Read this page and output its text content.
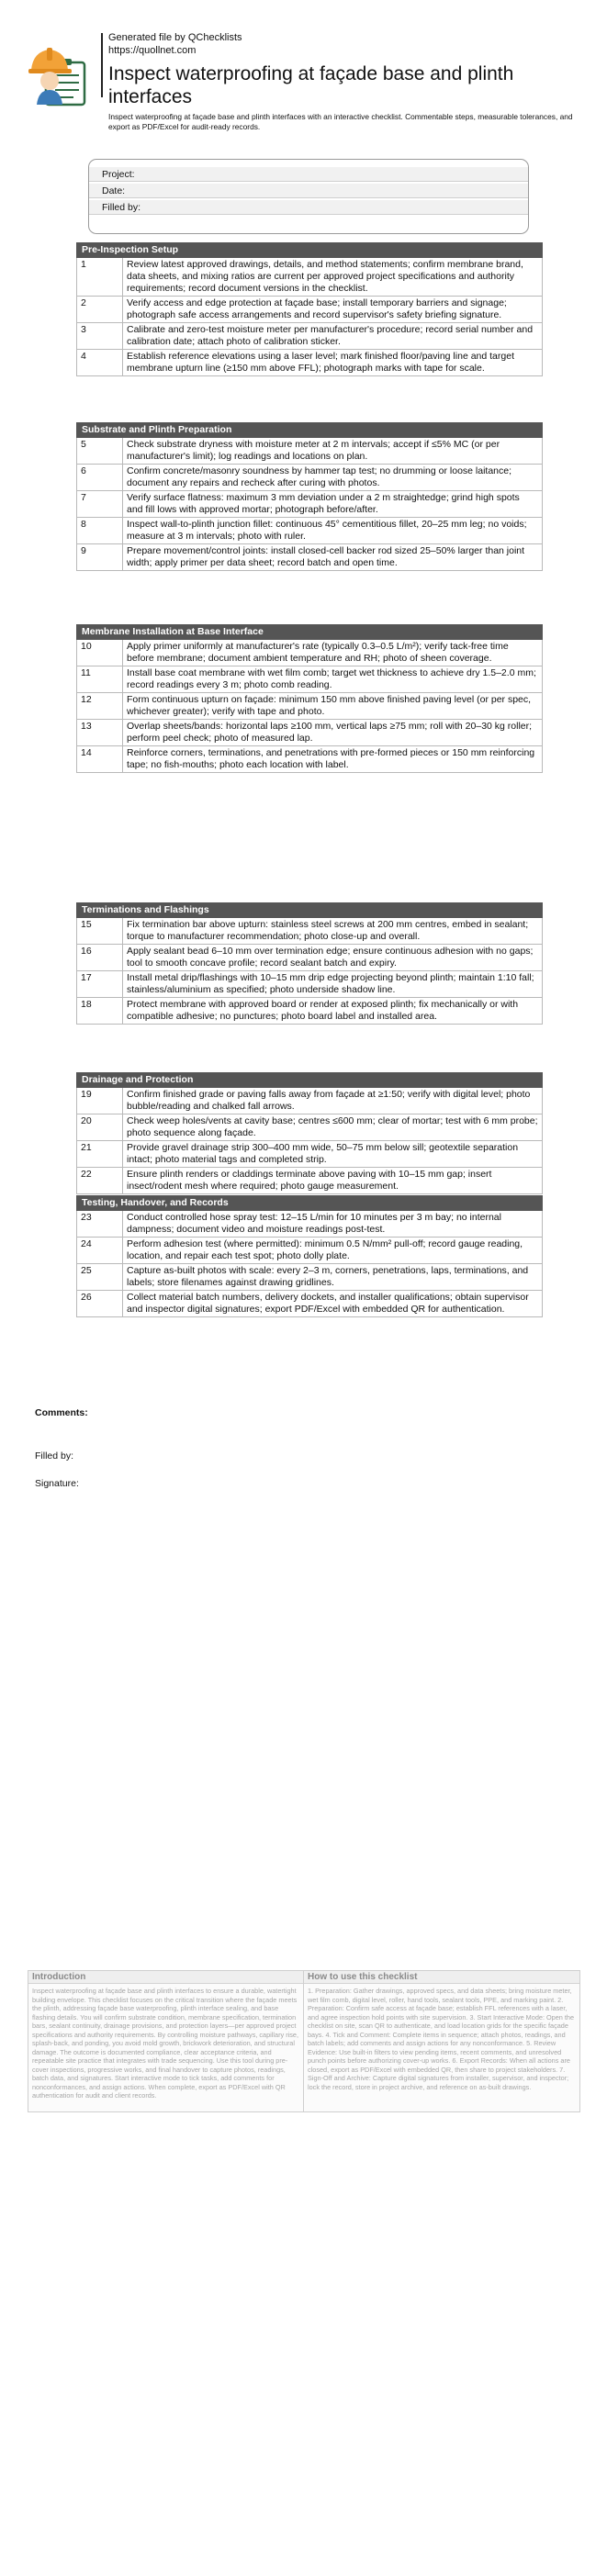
Generated file by QChecklists
https://quollnet.com
Inspect waterproofing at façade base and plinth interfaces
Inspect waterproofing at façade base and plinth interfaces with an interactive checklist. Commentable steps, measurable tolerances, and export as PDF/Excel for audit-ready records.
Project:
Date:
Filled by:
Pre-Inspection Setup
1	Review latest approved drawings, details, and method statements; confirm membrane brand, data sheets, and mixing ratios are current per approved project specifications and authority requirements; record document versions in the checklist.
2	Verify access and edge protection at façade base; install temporary barriers and signage; photograph safe access arrangements and record supervisor's safety briefing signature.
3	Calibrate and zero-test moisture meter per manufacturer's procedure; record serial number and calibration date; attach photo of calibration sticker.
4	Establish reference elevations using a laser level; mark finished floor/paving line and target membrane upturn line (≥150 mm above FFL); photograph marks with tape for scale.
Substrate and Plinth Preparation
5	Check substrate dryness with moisture meter at 2 m intervals; accept if ≤5% MC (or per manufacturer's limit); log readings and locations on plan.
6	Confirm concrete/masonry soundness by hammer tap test; no drumming or loose laitance; document any repairs and recheck after curing with photos.
7	Verify surface flatness: maximum 3 mm deviation under a 2 m straightedge; grind high spots and fill lows with approved mortar; photograph before/after.
8	Inspect wall-to-plinth junction fillet: continuous 45° cementitious fillet, 20–25 mm leg; no voids; measure at 3 m intervals; photo with ruler.
9	Prepare movement/control joints: install closed-cell backer rod sized 25–50% larger than joint width; apply primer per data sheet; record batch and open time.
Membrane Installation at Base Interface
10	Apply primer uniformly at manufacturer's rate (typically 0.3–0.5 L/m²); verify tack-free time before membrane; document ambient temperature and RH; photo of sheen coverage.
11	Install base coat membrane with wet film comb; target wet thickness to achieve dry 1.5–2.0 mm; record readings every 3 m; photo comb reading.
12	Form continuous upturn on façade: minimum 150 mm above finished paving level (or per spec, whichever greater); verify with tape and photo.
13	Overlap sheets/bands: horizontal laps ≥100 mm, vertical laps ≥75 mm; roll with 20–30 kg roller; perform peel check; photo of measured lap.
14	Reinforce corners, terminations, and penetrations with pre-formed pieces or 150 mm reinforcing tape; no fish-mouths; photo each location with label.
Terminations and Flashings
15	Fix termination bar above upturn: stainless steel screws at 200 mm centres, embed in sealant; torque to manufacturer recommendation; photo close-up and overall.
16	Apply sealant bead 6–10 mm over termination edge; ensure continuous adhesion with no gaps; tool to smooth concave profile; record sealant batch and expiry.
17	Install metal drip/flashings with 10–15 mm drip edge projecting beyond plinth; maintain 1:10 fall; stainless/aluminium as specified; photo underside shadow line.
18	Protect membrane with approved board or render at exposed plinth; fix mechanically or with compatible adhesive; no punctures; photo board label and installed area.
Drainage and Protection
19	Confirm finished grade or paving falls away from façade at ≥1:50; verify with digital level; photo bubble/reading and chalked fall arrows.
20	Check weep holes/vents at cavity base; centres ≤600 mm; clear of mortar; test with 6 mm probe; photo sequence along façade.
21	Provide gravel drainage strip 300–400 mm wide, 50–75 mm below sill; geotextile separation intact; photo material tags and completed strip.
22	Ensure plinth renders or claddings terminate above paving with 10–15 mm gap; insert insect/rodent mesh where required; photo gauge measurement.
Testing, Handover, and Records
23	Conduct controlled hose spray test: 12–15 L/min for 10 minutes per 3 m bay; no internal dampness; document video and moisture readings post-test.
24	Perform adhesion test (where permitted): minimum 0.5 N/mm² pull-off; record gauge reading, location, and repair each test spot; photo dolly plate.
25	Capture as-built photos with scale: every 2–3 m, corners, penetrations, laps, terminations, and labels; store filenames against drawing gridlines.
26	Collect material batch numbers, delivery dockets, and installer qualifications; obtain supervisor and inspector digital signatures; export PDF/Excel with embedded QR for authentication.
Comments:
Filled by:
Signature:
Introduction
Inspect waterproofing at façade base and plinth interfaces to ensure a durable, watertight building envelope. This checklist focuses on the critical transition where the façade meets the plinth, addressing façade base waterproofing, plinth interface sealing, and base flashing details. You will confirm substrate condition, membrane specification, termination bars, sealant continuity, drainage provisions, and protection layers—per approved project specifications and authority requirements. By controlling moisture pathways, capillary rise, splash-back, and ponding, you avoid mold growth, brickwork deterioration, and structural damage. The outcome is documented compliance, clear acceptance criteria, and repeatable site practice that integrates with trade sequencing. Use this tool during pre-cover inspections, progressive works, and final handover to capture photos, readings, batch data, and signatures. Start interactive mode to tick tasks, add comments for nonconformances, and assign actions. When complete, export as PDF/Excel with QR authentication for audit and client records.
How to use this checklist
1. Preparation: Gather drawings, approved specs, and data sheets; bring moisture meter, wet film comb, digital level, roller, hand tools, sealant tools, PPE, and marking paint. 2. Preparation: Confirm safe access at façade base; establish FFL references with a laser, and agree inspection hold points with site supervision. 3. Start Interactive Mode: Open the checklist on site, scan QR to authenticate, and load location grids for the specific façade bays. 4. Tick and Comment: Complete items in sequence; attach photos, readings, and batch labels; add comments and assign actions for any nonconformance. 5. Review Evidence: Use built-in filters to view pending items, recent comments, and unresolved punch points before authorizing cover-up works. 6. Export Records: When all actions are closed, export as PDF/Excel with embedded QR, then share to project stakeholders. 7. Sign-Off and Archive: Capture digital signatures from installer, supervisor, and inspector; lock the record, store in project archive, and reference on as-built drawings.
